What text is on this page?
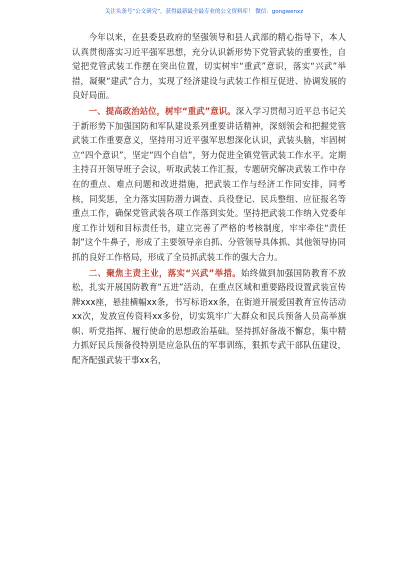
关注头条号“公文研究”，获得最新最全最专业的公文资料库！ 微信：gongwenxz

今年以来，在县委县政府的坚强领导和县人武部的精心指导下，本人认真贯彻落实习近平强军思想，充分认识新形势下党管武装的重要性，自觉把党管武装工作摆在突出位置，切实树牢“重武”意识，落实“兴武”举措，凝聚“建武”合力，实现了经济建设与武装工作相互促进、协调发展的良好局面。

一、提高政治站位，树牢“重武”意识。深入学习贯彻习近平总书记关于新形势下加强国防和军队建设系列重要讲话精神，深刻领会和把握党管武装工作重要意义，坚持用习近平强军思想深化认识，武装头脑，牢固树立“四个意识”，坚定“四个自信”，努力促进全镇党管武装工作水平。定期主持召开领导班子会议，听取武装工作汇报，专题研究解决武装工作中存在的重点、难点问题和改进措施，把武装工作与经济工作同安排，同考核，同奖惩，全力落实国防潜力调查、兵役登记、民兵整组、应征报名等重点工作，确保党管武装各项工作落到实处。坚持把武装工作纳入党委年度工作计划和目标责任书，建立完善了严格的考核制度，牢牢牵住“责任制”这个牛鼻子，形成了主要领导亲自抓、分管领导具体抓、其他领导协同抓的良好工作格局，形成了全员抓武装工作的强大合力。

二、聚焦主责主业，落实“兴武”举措。始终做到加强国防教育不放松，扎实开展国防教育“五进”活动，在重点区域和重要路段设置武装宣传牌xxx座，悬挂横幅xx条，书写标语xx条，在街道开展爱国教育宣传活动xx次，发放宣传资料xx多份，切实筑牢广大群众和民兵预备人员高举旗帜、听党指挥、履行使命的思想政治基础。坚持抓好备战不懈怠，集中精力抓好民兵预备役特别是应急队伍的军事训练，狠抓专武干部队伍建设，配齐配强武装干事xx名，
